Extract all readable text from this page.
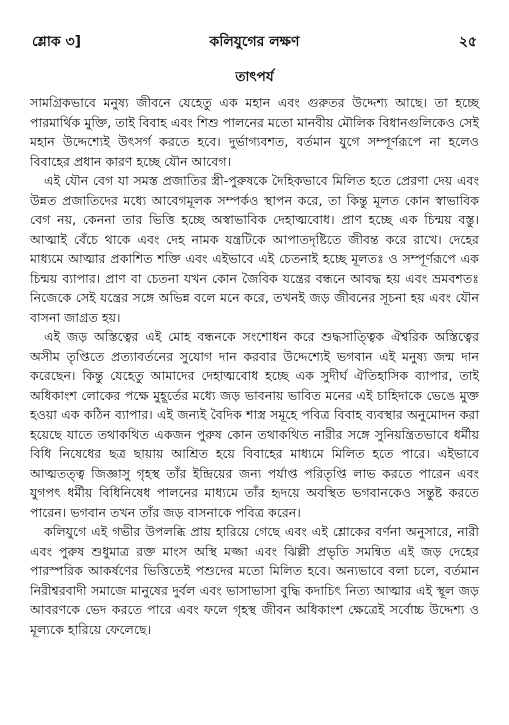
শ্লোক ৩]	কলিযুগের লক্ষণ	২৫
তাৎপর্য

সামগ্রিকভাবে মনুষ্য জীবনে যেহেতু এক মহান এবং গুরুতর উদ্দেশ্য আছে। তা হচ্ছে পারমার্থিক মুক্তি, তাই বিবাহ এবং শিশু পালনের মতো মানবীয় মৌলিক বিধানগুলিকেও সেই মহান উদ্দেশ্যেই উৎসর্গ করতে হবে। দুর্ভাগ্যবশত, বর্তমান যুগে সম্পূর্ণরূপে না হলেও বিবাহের প্রধান কারণ হচ্ছে যৌন আবেগ।

এই যৌন বেগ যা সমস্ত প্রজাতির স্ত্রী-পুরুষকে দৈহিকভাবে মিলিত হতে প্রেরণা দেয় এবং উন্নত প্রজাতিদের মধ্যে আবেগমূলক সম্পর্কও স্থাপন করে, তা কিন্তু মূলত কোন স্বাভাবিক বেগ নয়, কেননা তার ভিত্তি হচ্ছে অস্বাভাবিক দেহাত্মবোধ। প্রাণ হচ্ছে এক চিন্ময় বস্তু। আত্মাই বেঁচে থাকে এবং দেহ নামক যন্ত্রটিকে আপাতদৃষ্টিতে জীবন্ত করে রাখে। দেহের মাধ্যমে আত্মার প্রকাশিত শক্তি এবং এইভাবে এই চেতনাই হচ্ছে মূলতঃ ও সম্পূর্ণরূপে এক চিন্ময় ব্যাপার। প্রাণ বা চেতনা যখন কোন জৈবিক যন্ত্রের বন্ধনে আবদ্ধ হয় এবং ভ্রমবশতঃ নিজেকে সেই যন্ত্রের সঙ্গে অভিন্ন বলে মনে করে, তখনই জড় জীবনের সূচনা হয় এবং যৌন বাসনা জাগ্রত হয়।

এই জড় অস্তিত্বের এই মোহ বন্ধনকে সংশোধন করে শুদ্ধসাত্ত্বিক ঐশ্বরিক অস্তিত্বের অসীম তৃপ্তিতে প্রত্যাবর্তনের সুযোগ দান করবার উদ্দেশ্যেই ভগবান এই মনুষ্য জন্ম দান করেছেন। কিন্তু যেহেতু আমাদের দেহাত্মবোধ হচ্ছে এক সুদীর্ঘ ঐতিহাসিক ব্যাপার, তাই অধিকাংশ লোকের পক্ষে মুহূর্তের মধ্যে জড় ভাবনায় ভাবিত মনের এই চাহিদাকে ভেঙে মুক্ত হওয়া এক কঠিন ব্যাপার। এই জন্যই বৈদিক শাস্ত্র সমূহে পবিত্র বিবাহ ব্যবস্থার অনুমোদন করা হয়েছে যাতে তথাকথিত একজন পুরুষ কোন তথাকথিত নারীর সঙ্গে সুনিয়ন্ত্রিতভাবে ধর্মীয় বিধি নিষেধের ছত্র ছায়ায় আশ্রিত হয়ে বিবাহের মাধ্যমে মিলিত হতে পারে। এইভাবে আত্মতত্ত্ব জিজ্ঞাসু গৃহস্থ তাঁর ইন্দ্রিয়ের জন্য পর্যাপ্ত পরিতৃপ্তি লাভ করতে পারেন এবং যুগপৎ ধর্মীয় বিধিনিষেধ পালনের মাধ্যমে তাঁর হৃদয়ে অবস্থিত ভগবানকেও সন্তুষ্ট করতে পারেন। ভগবান তখন তাঁর জড় বাসনাকে পবিত্র করেন।

কলিযুগে এই গভীর উপলব্ধি প্রায় হারিয়ে গেছে এবং এই শ্লোকের বর্ণনা অনুসারে, নারী এবং পুরুষ শুধুমাত্র রক্ত মাংস অস্থি মজ্জা এবং ঝিল্লী প্রভৃতি সমন্বিত এই জড় দেহের পারস্পরিক আকর্ষণের ভিত্তিতেই পশুদের মতো মিলিত হবে। অন্যভাবে বলা চলে, বর্তমান নিরীশ্বরবাদী সমাজে মানুষের দুর্বল এবং ভাসাভাসা বুদ্ধি কদাচিৎ নিত্য আত্মার এই স্থূল জড় আবরণকে ভেদ করতে পারে এবং ফলে গৃহস্থ জীবন অধিকাংশ ক্ষেত্রেই সর্বোচ্চ উদ্দেশ্য ও মূল্যকে হারিয়ে ফেলেছে।
